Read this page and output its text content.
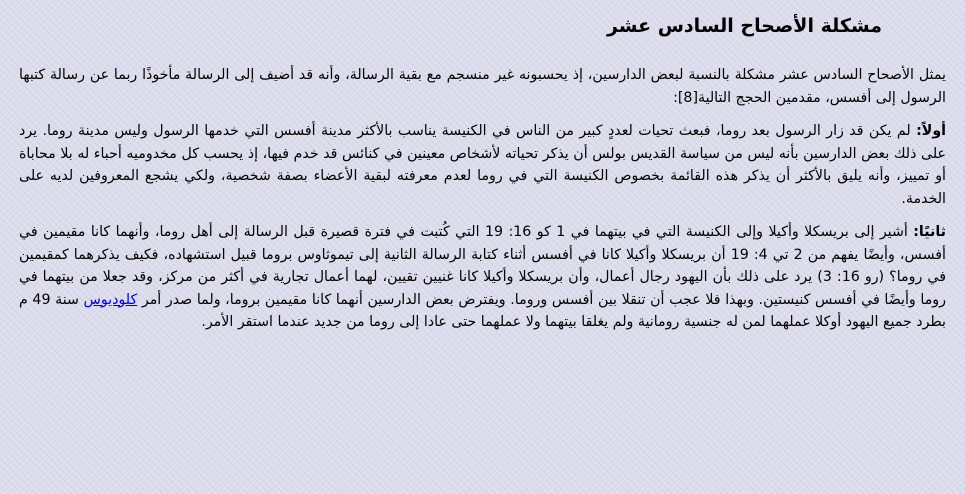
مشكلة الأصحاح السادس عشر

يمثل الأصحاح السادس عشر مشكلة بالنسبة لبعض الدارسين، إذ يحسبونه غير منسجم مع بقية الرسالة، وأنه قد أضيف إلى الرسالة مأخوذًا ربما عن رسالة كتبها الرسول إلى أفسس، مقدمين الحجج التالية[8]:

أولاً: لم يكن قد زار الرسول بعد روما، فبعث تحيات لعددٍ كبير من الناس في الكنيسة يناسب بالأكثر مدينة أفسس التي خدمها الرسول وليس مدينة روما. يرد على ذلك بعض الدارسين بأنه ليس من سياسة القديس بولس أن يذكر تحياته لأشخاص معينين في كنائس قد خدم فيها، إذ يحسب كل مخدوميه أحباء له بلا محاباة أو تمييز، وأنه يليق بالأكثر أن يذكر هذه القائمة بخصوص الكنيسة التي في روما لعدم معرفته لبقية الأعضاء بصفة شخصية، ولكي يشجع المعروفين لديه على الخدمة.

ثانيًا: أشير إلى بريسكلا وأكيلا وإلى الكنيسة التي في بيتهما في 1 كو 16: 19 التي كُتبت في فترة قصيرة قبل الرسالة إلى أهل روما، وأنهما كانا مقيمين في أفسس، وأيضًا يفهم من 2 تي 4: 19 أن بريسكلا وأكيلا كانا في أفسس أثناء كتابة الرسالة الثانية إلى تيموثاوس بروما قبيل استشهاده، فكيف يذكرهما كمقيمين في روما؟ (رو 16: 3) يرد على ذلك بأن اليهود رجال أعمال، وأن بريسكلا وأكيلا كانا غنيين تقيين، لهما أعمال تجارية في أكثر من مركز، وقد جعلا من بيتهما في روما وأيضًا في أفسس كنيستين. وبهذا فلا عجب أن تنقلا بين أفسس وروما. ويفترض بعض الدارسين أنهما كانا مقيمين بروما، ولما صدر أمر كلوديوس سنة 49 م بطرد جميع اليهود أوكلا عملهما لمن له جنسية رومانية ولم يغلقا بيتهما ولا عملهما حتى عادا إلى روما من جديد عندما استقر الأمر.
